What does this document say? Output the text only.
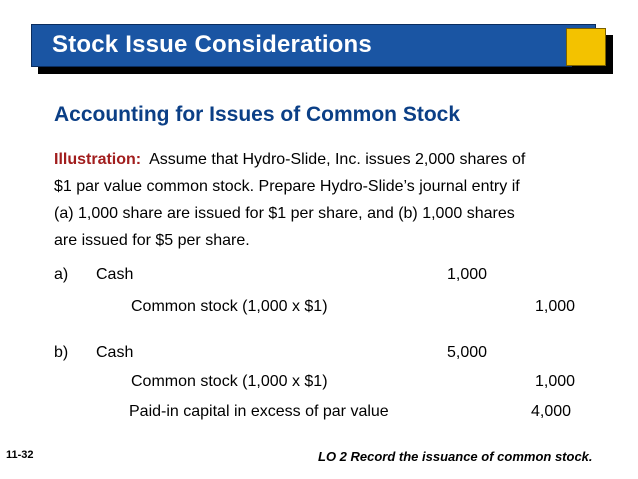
Stock Issue Considerations
Accounting for Issues of Common Stock
Illustration: Assume that Hydro-Slide, Inc. issues 2,000 shares of
$1 par value common stock. Prepare Hydro-Slide’s journal entry if
(a) 1,000 share are issued for $1 per share, and (b) 1,000 shares
are issued for $5 per share.
a) Cash	1,000
Common stock (1,000 x $1)	1,000
b) Cash	5,000
Common stock (1,000 x $1)	1,000
Paid-in capital in excess of par value	4,000
11-32	LO 2 Record the issuance of common stock.
